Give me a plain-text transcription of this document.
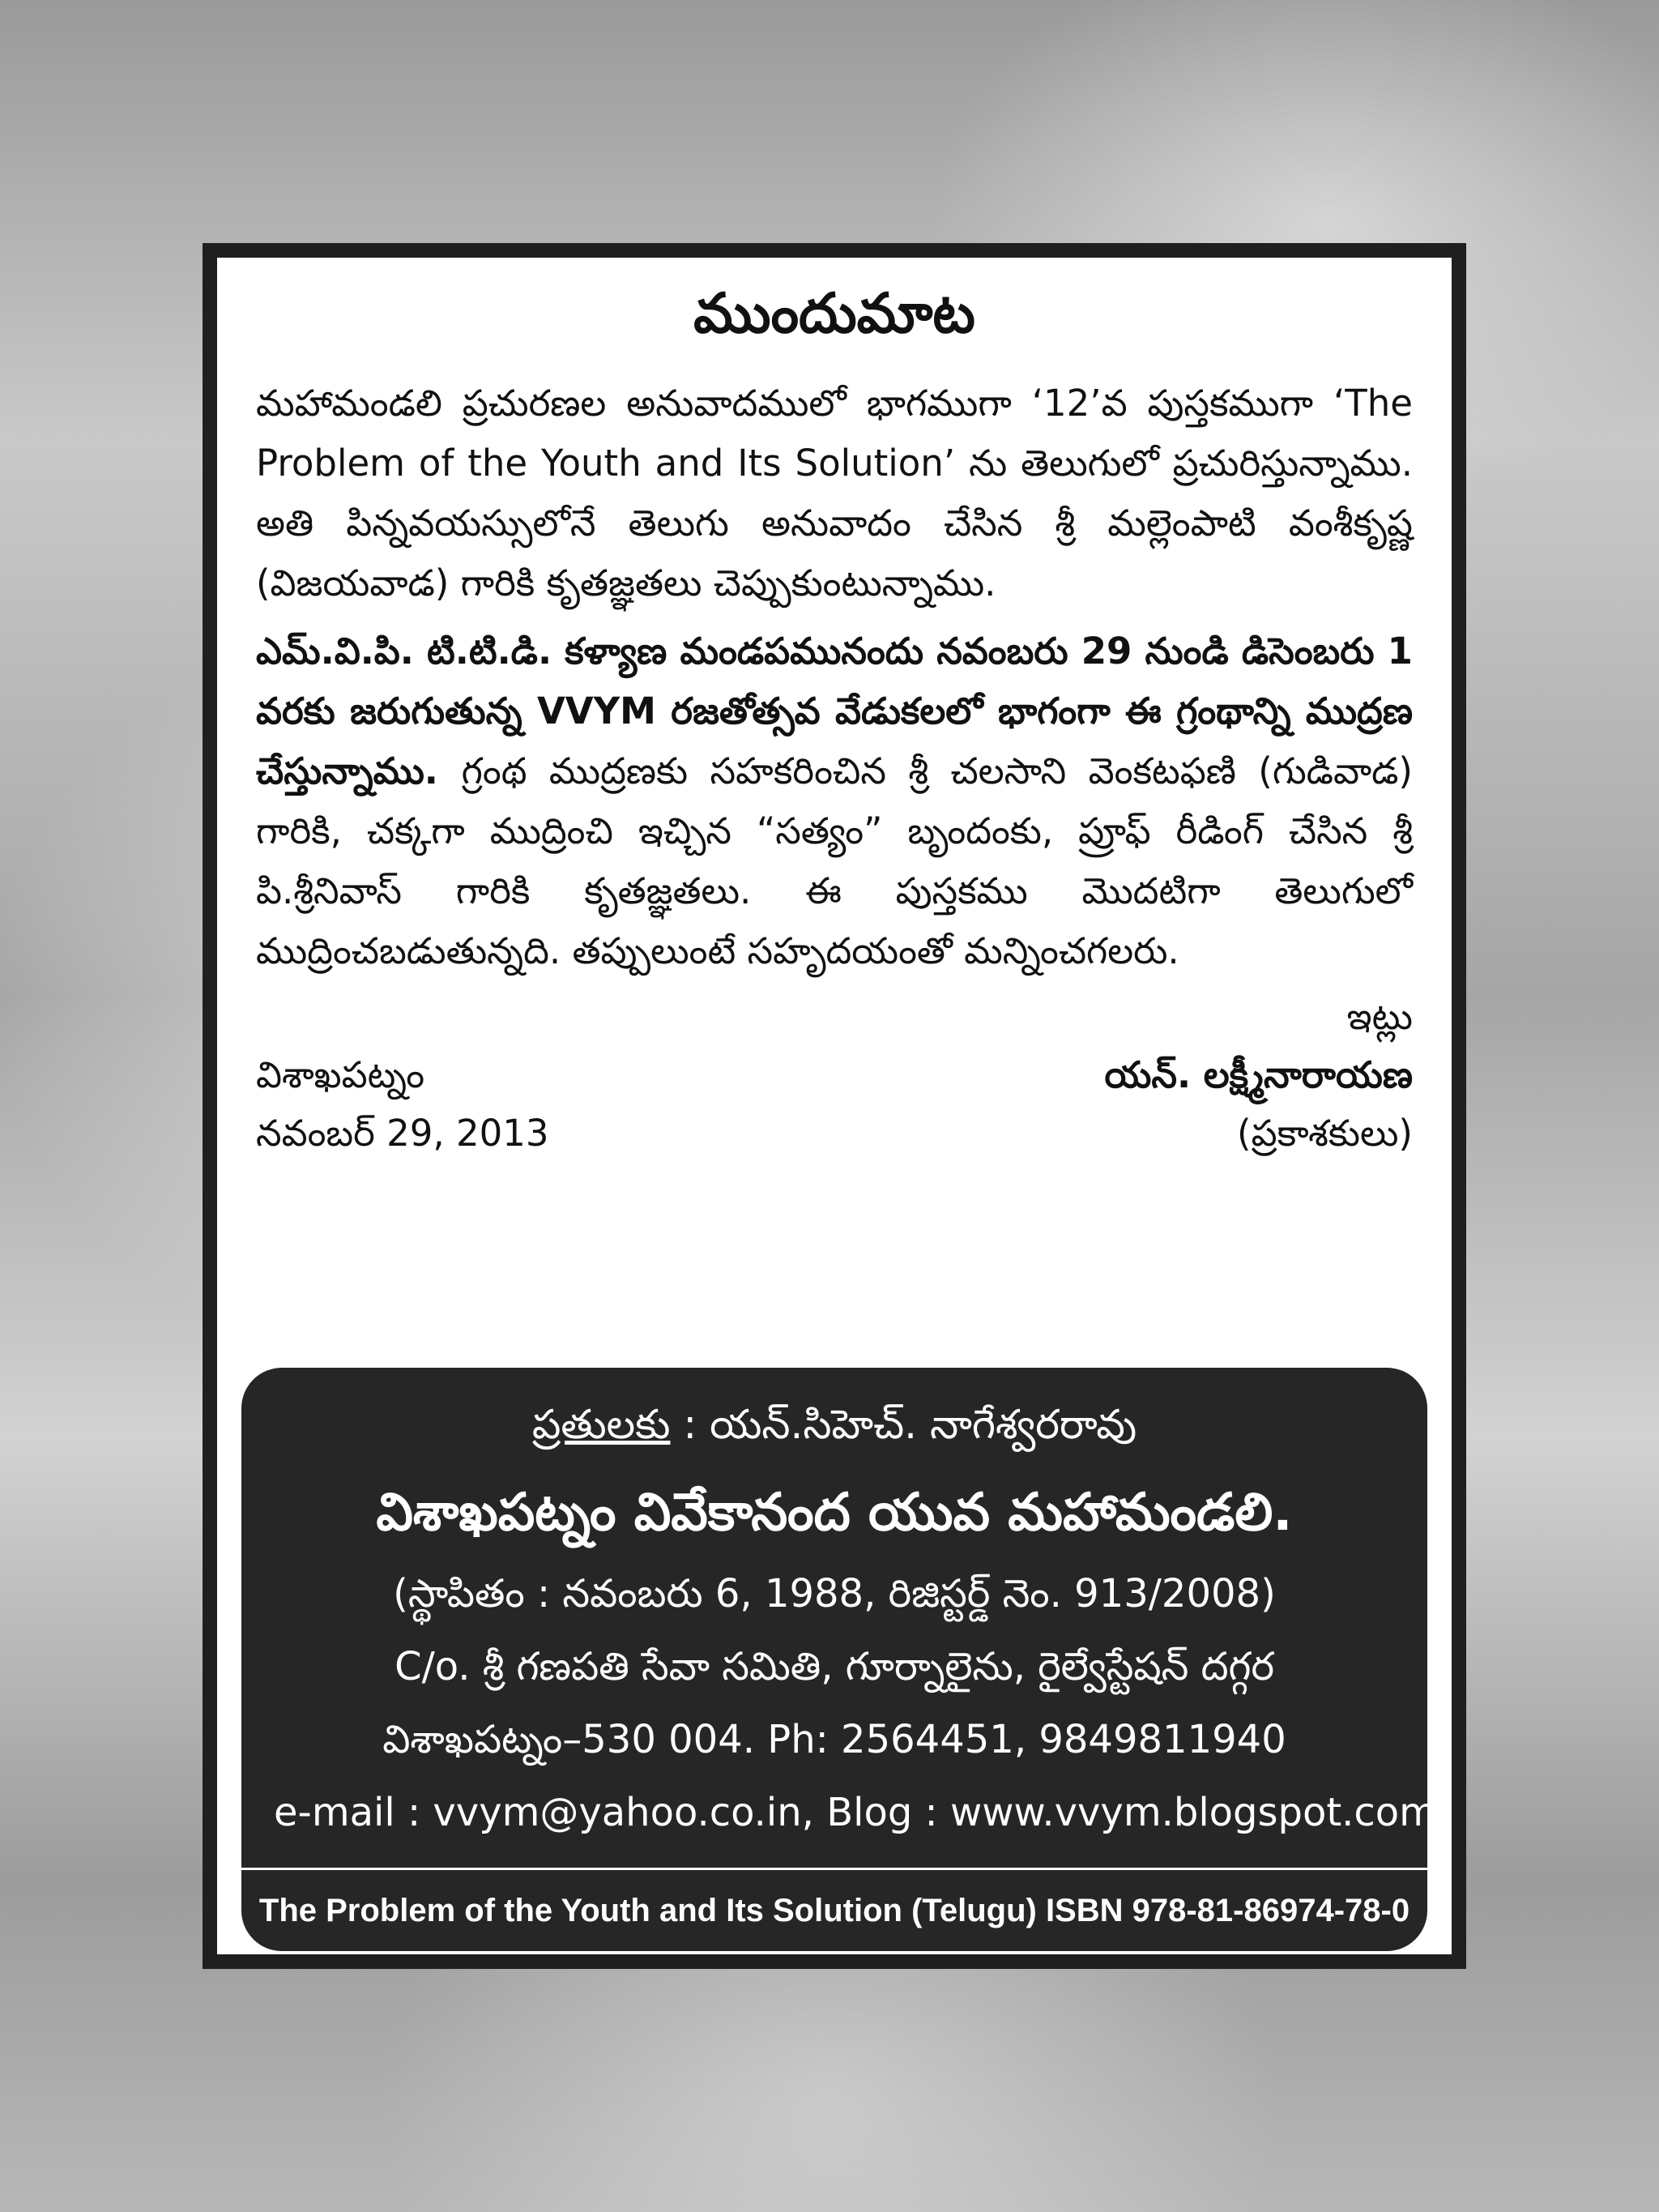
ముందుమాట

మహామండలి ప్రచురణల అనువాదములో భాగముగా ‘12’వ పుస్తకముగా ‘The Problem of the Youth and Its Solution’ ను తెలుగులో ప్రచురిస్తున్నాము. అతి పిన్నవయస్సులోనే తెలుగు అనువాదం చేసిన శ్రీ మల్లెంపాటి వంశీకృష్ణ (విజయవాడ) గారికి కృతజ్ఞతలు చెప్పుకుంటున్నాము.

ఎమ్.వి.పి. టి.టి.డి. కళ్యాణ మండపమునందు నవంబరు 29 నుండి డిసెంబరు 1 వరకు జరుగుతున్న VVYM రజతోత్సవ వేడుకలలో భాగంగా ఈ గ్రంథాన్ని ముద్రణ చేస్తున్నాము. గ్రంథ ముద్రణకు సహకరించిన శ్రీ చలసాని వెంకటఫణి (గుడివాడ) గారికి, చక్కగా ముద్రించి ఇచ్చిన “సత్యం” బృందంకు, ప్రూఫ్ రీడింగ్ చేసిన శ్రీ పి.శ్రీనివాస్ గారికి కృతజ్ఞతలు. ఈ పుస్తకము మొదటిగా తెలుగులో ముద్రించబడుతున్నది. తప్పులుంటే సహృదయంతో మన్నించగలరు.

ఇట్లు
విశాఖపట్నం	యన్. లక్ష్మీనారాయణ
నవంబర్ 29, 2013	(ప్రకాశకులు)
ప్రతులకు : యన్.సిహెచ్. నాగేశ్వరరావు
విశాఖపట్నం వివేకానంద యువ మహామండలి.
(స్థాపితం : నవంబరు 6, 1988, రిజిస్టర్డ్ నెం. 913/2008)
C/o. శ్రీ గణపతి సేవా సమితి, గూర్నాలైను, రైల్వేస్టేషన్ దగ్గర
విశాఖపట్నం–530 004. Ph: 2564451, 9849811940
e-mail : vvym@yahoo.co.in, Blog : www.vvym.blogspot.com
The Problem of the Youth and Its Solution (Telugu) ISBN 978-81-86974-78-0
